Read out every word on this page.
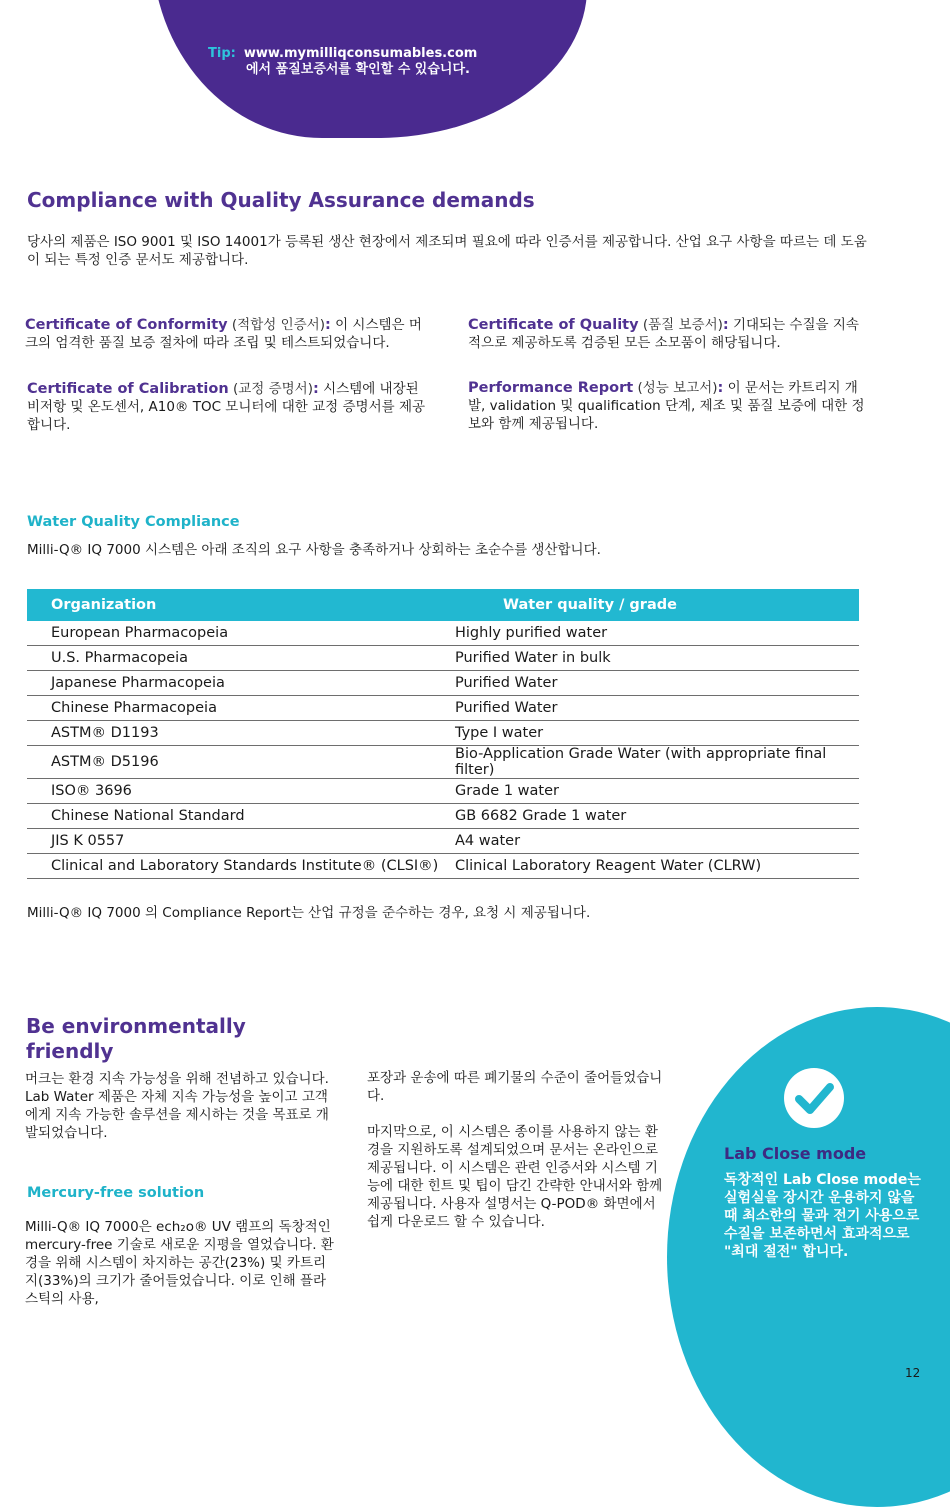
Tip: www.mymilliqconsumables.com
에서 품질보증서를 확인할 수 있습니다.
Compliance with Quality Assurance demands
당사의 제품은 ISO 9001 및 ISO 14001가 등록된 생산 현장에서 제조되며 필요에 따라 인증서를 제공합니다. 산업 요구 사항을 따르는 데 도움이 되는 특정 인증 문서도 제공합니다.
Certificate of Conformity (적합성 인증서): 이 시스템은 머크의 엄격한 품질 보증 절차에 따라 조립 및 테스트되었습니다.
Certificate of Quality (품질 보증서): 기대되는 수질을 지속적으로 제공하도록 검증된 모든 소모품이 해당됩니다.
Certificate of Calibration (교정 증명서): 시스템에 내장된 비저항 및 온도센서, A10® TOC 모니터에 대한 교정 증명서를 제공합니다.
Performance Report (성능 보고서): 이 문서는 카트리지 개발, validation 및 qualification 단계, 제조 및 품질 보증에 대한 정보와 함께 제공됩니다.
Water Quality Compliance
Milli-Q® IQ 7000 시스템은 아래 조직의 요구 사항을 충족하거나 상회하는 초순수를 생산합니다.
Organization	Water quality / grade
European Pharmacopeia	Highly purified water
U.S. Pharmacopeia	Purified Water in bulk
Japanese Pharmacopeia	Purified Water
Chinese Pharmacopeia	Purified Water
ASTM® D1193	Type I water
ASTM® D5196	Bio-Application Grade Water (with appropriate final filter)
ISO® 3696	Grade 1 water
Chinese National Standard	GB 6682 Grade 1 water
JIS K 0557	A4 water
Clinical and Laboratory Standards Institute® (CLSI®)	Clinical Laboratory Reagent Water (CLRW)
Milli-Q® IQ 7000 의 Compliance Report는 산업 규정을 준수하는 경우, 요청 시 제공됩니다.
Be environmentally
friendly
머크는 환경 지속 가능성을 위해 전념하고 있습니다. Lab Water 제품은 자체 지속 가능성을 높이고 고객에게 지속 가능한 솔루션을 제시하는 것을 목표로 개발되었습니다.
Mercury-free solution
Milli-Q® IQ 7000은 ech₂o® UV 램프의 독창적인 mercury-free 기술로 새로운 지평을 열었습니다. 환경을 위해 시스템이 차지하는 공간(23%) 및 카트리지(33%)의 크기가 줄어들었습니다. 이로 인해 플라스틱의 사용,
포장과 운송에 따른 폐기물의 수준이 줄어들었습니다.
마지막으로, 이 시스템은 종이를 사용하지 않는 환경을 지원하도록 설계되었으며 문서는 온라인으로 제공됩니다. 이 시스템은 관련 인증서와 시스템 기능에 대한 힌트 및 팁이 담긴 간략한 안내서와 함께 제공됩니다. 사용자 설명서는 Q-POD® 화면에서 쉽게 다운로드 할 수 있습니다.
Lab Close mode
독창적인 Lab Close mode는 실험실을 장시간 운용하지 않을 때 최소한의 물과 전기 사용으로 수질을 보존하면서 효과적으로 "최대 절전" 합니다.
12
